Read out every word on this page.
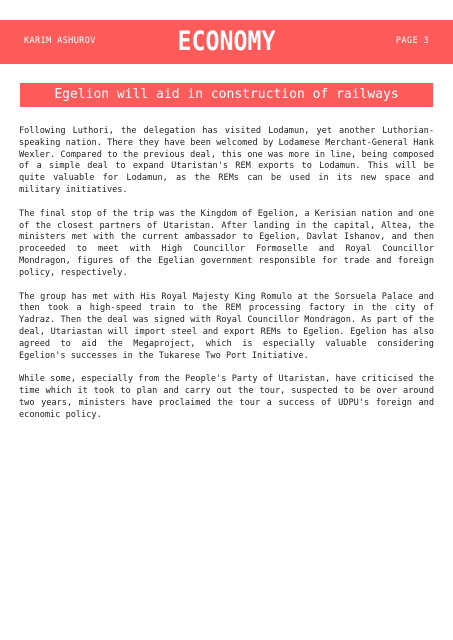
KARIM ASHUROV	ECONOMY	PAGE 3
Egelion will aid in construction of railways

Following Luthori, the delegation has visited Lodamun, yet another Luthorian-speaking nation. There they have been welcomed by Lodamese Merchant-General Hank Wexler. Compared to the previous deal, this one was more in line, being composed of a simple deal to expand Utaristan's REM exports to Lodamun. This will be quite valuable for Lodamun, as the REMs can be used in its new space and military initiatives.

The final stop of the trip was the Kingdom of Egelion, a Kerisian nation and one of the closest partners of Utaristan. After landing in the capital, Altea, the ministers met with the current ambassador to Egelion, Davlat Ishanov, and then proceeded to meet with High Councillor Formoselle and Royal Councillor Mondragon, figures of the Egelian government responsible for trade and foreign policy, respectively.

The group has met with His Royal Majesty King Romulo at the Sorsuela Palace and then took a high-speed train to the REM processing factory in the city of Yadraz. Then the deal was signed with Royal Councillor Mondragon. As part of the deal, Utariastan will import steel and export REMs to Egelion. Egelion has also agreed to aid the Megaproject, which is especially valuable considering Egelion's successes in the Tukarese Two Port Initiative.

While some, especially from the People's Party of Utaristan, have criticised the time which it took to plan and carry out the tour, suspected to be over around two years, ministers have proclaimed the tour a success of UDPU's foreign and economic policy.
